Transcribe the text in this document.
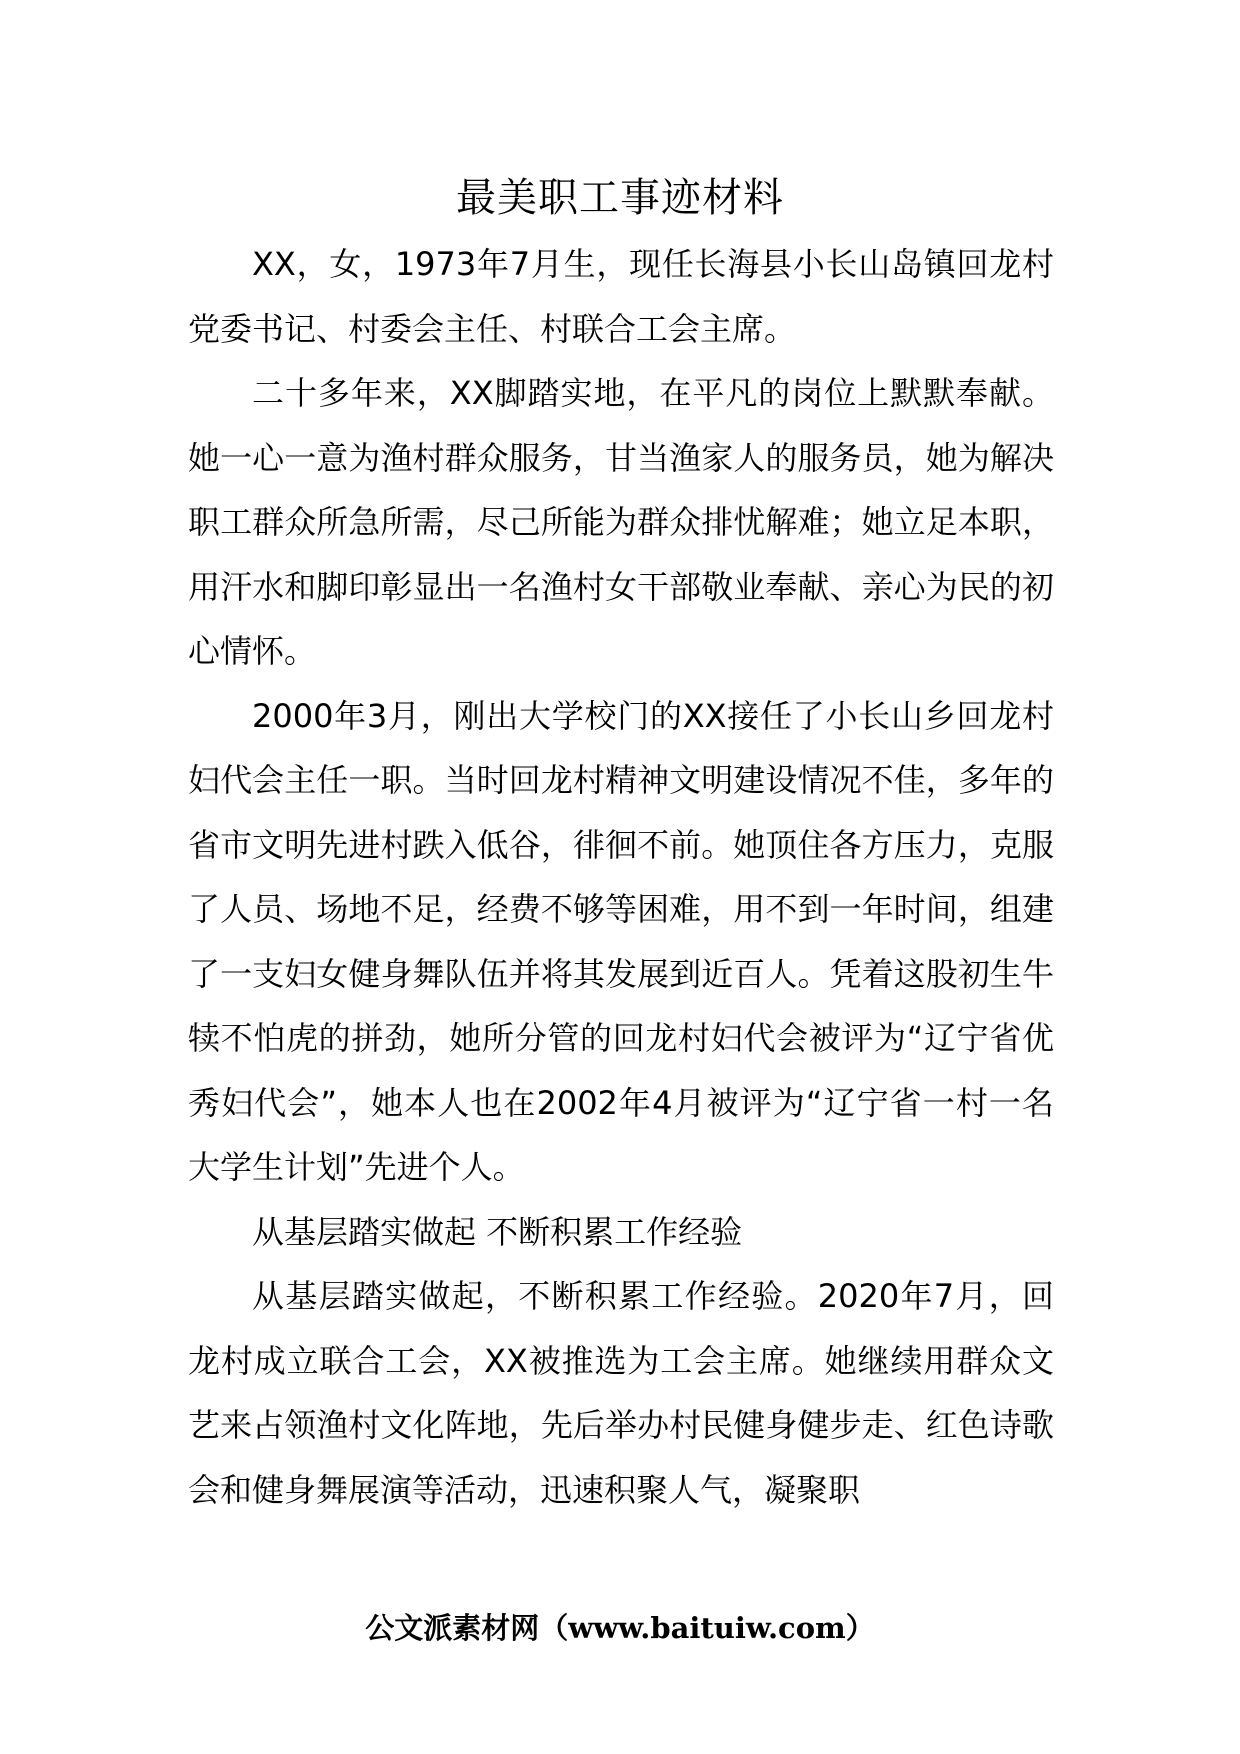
最美职工事迹材料

XX，女，1973年7月生，现任长海县小长山岛镇回龙村党委书记、村委会主任、村联合工会主席。

二十多年来，XX脚踏实地，在平凡的岗位上默默奉献。她一心一意为渔村群众服务，甘当渔家人的服务员，她为解决职工群众所急所需，尽己所能为群众排忧解难；她立足本职，用汗水和脚印彰显出一名渔村女干部敬业奉献、亲心为民的初心情怀。

2000年3月，刚出大学校门的XX接任了小长山乡回龙村妇代会主任一职。当时回龙村精神文明建设情况不佳，多年的省市文明先进村跌入低谷，徘徊不前。她顶住各方压力，克服了人员、场地不足，经费不够等困难，用不到一年时间，组建了一支妇女健身舞队伍并将其发展到近百人。凭着这股初生牛犊不怕虎的拼劲，她所分管的回龙村妇代会被评为“辽宁省优秀妇代会”，她本人也在2002年4月被评为“辽宁省一村一名大学生计划”先进个人。

从基层踏实做起 不断积累工作经验

从基层踏实做起，不断积累工作经验。2020年7月，回龙村成立联合工会，XX被推选为工会主席。她继续用群众文艺来占领渔村文化阵地，先后举办村民健身健步走、红色诗歌会和健身舞展演等活动，迅速积聚人气，凝聚职

公文派素材网（www.baituiw.com）
